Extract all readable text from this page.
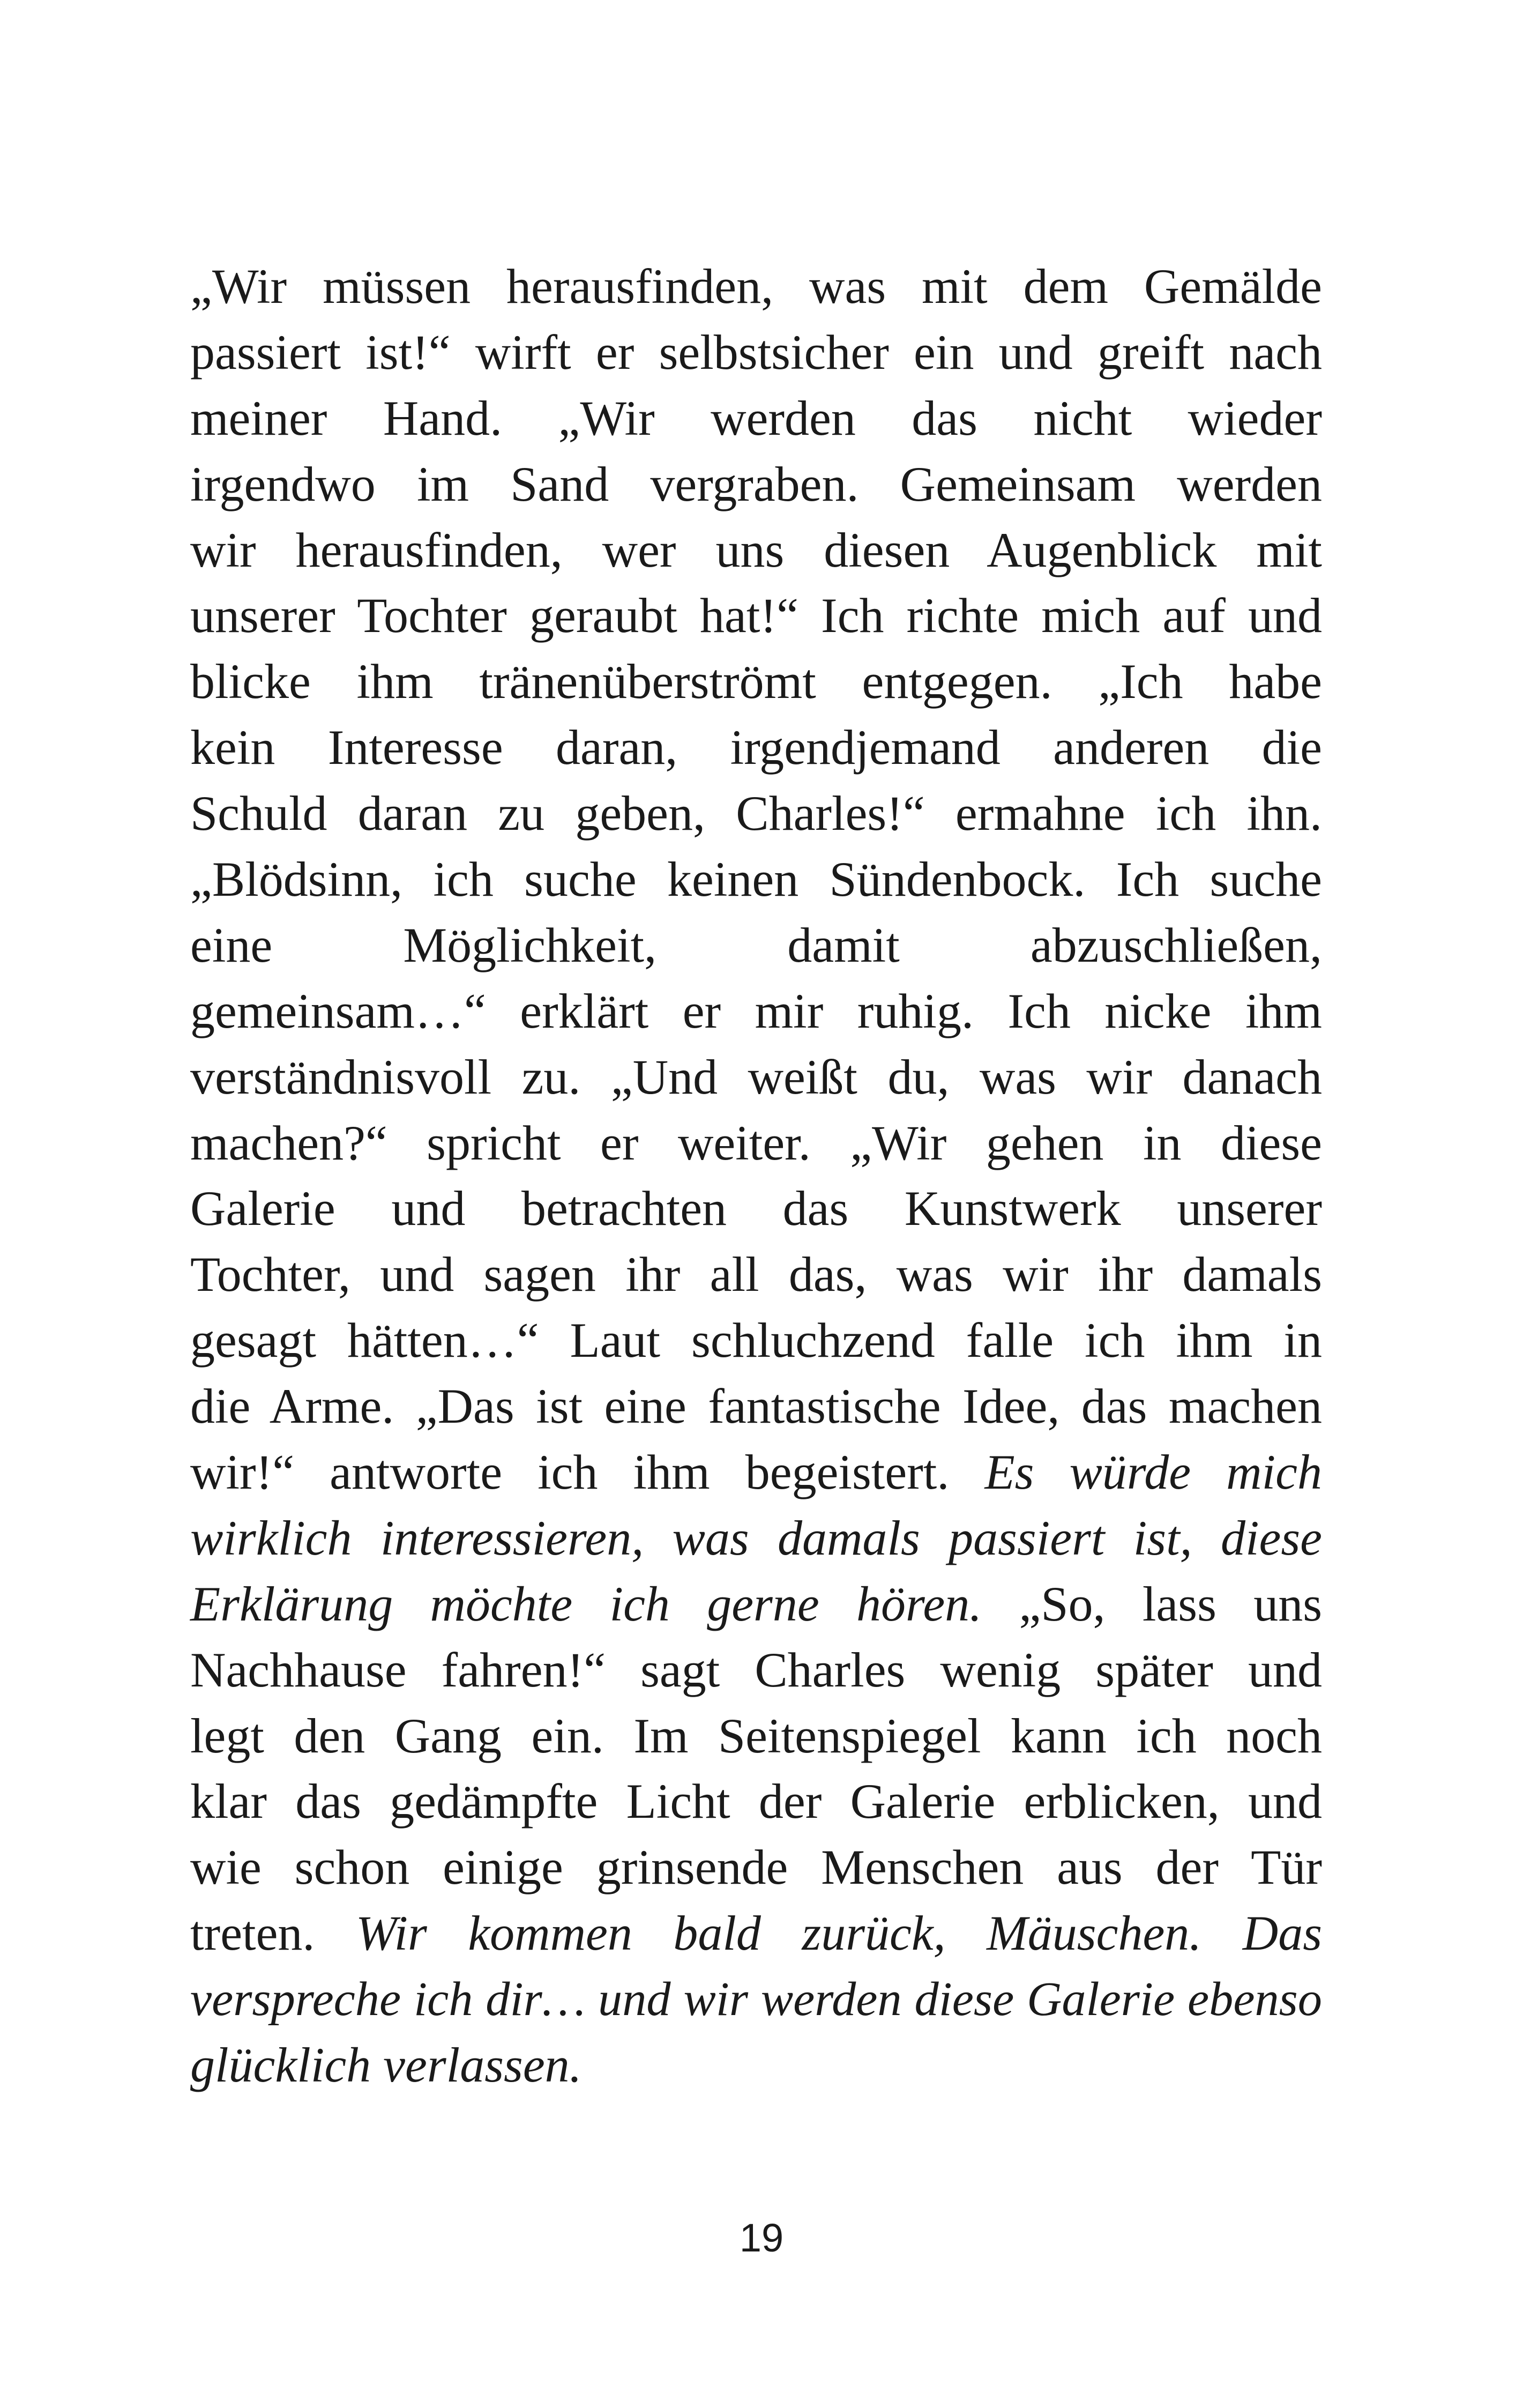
„Wir müssen herausfinden, was mit dem Gemälde
passiert ist!“ wirft er selbstsicher ein und greift nach
meiner Hand. „Wir werden das nicht wieder
irgendwo im Sand vergraben. Gemeinsam werden
wir herausfinden, wer uns diesen Augenblick mit
unserer Tochter geraubt hat!“ Ich richte mich auf und
blicke ihm tränenüberströmt entgegen. „Ich habe
kein Interesse daran, irgendjemand anderen die
Schuld daran zu geben, Charles!“ ermahne ich ihn.
„Blödsinn, ich suche keinen Sündenbock. Ich suche
eine Möglichkeit, damit abzuschließen,
gemeinsam…“ erklärt er mir ruhig. Ich nicke ihm
verständnisvoll zu. „Und weißt du, was wir danach
machen?“ spricht er weiter. „Wir gehen in diese
Galerie und betrachten das Kunstwerk unserer
Tochter, und sagen ihr all das, was wir ihr damals
gesagt hätten…“ Laut schluchzend falle ich ihm in
die Arme. „Das ist eine fantastische Idee, das machen
wir!“ antworte ich ihm begeistert. Es würde mich
wirklich interessieren, was damals passiert ist, diese
Erklärung möchte ich gerne hören. „So, lass uns
Nachhause fahren!“ sagt Charles wenig später und
legt den Gang ein. Im Seitenspiegel kann ich noch
klar das gedämpfte Licht der Galerie erblicken, und
wie schon einige grinsende Menschen aus der Tür
treten. Wir kommen bald zurück, Mäuschen. Das
verspreche ich dir… und wir werden diese Galerie ebenso
glücklich verlassen.
19
